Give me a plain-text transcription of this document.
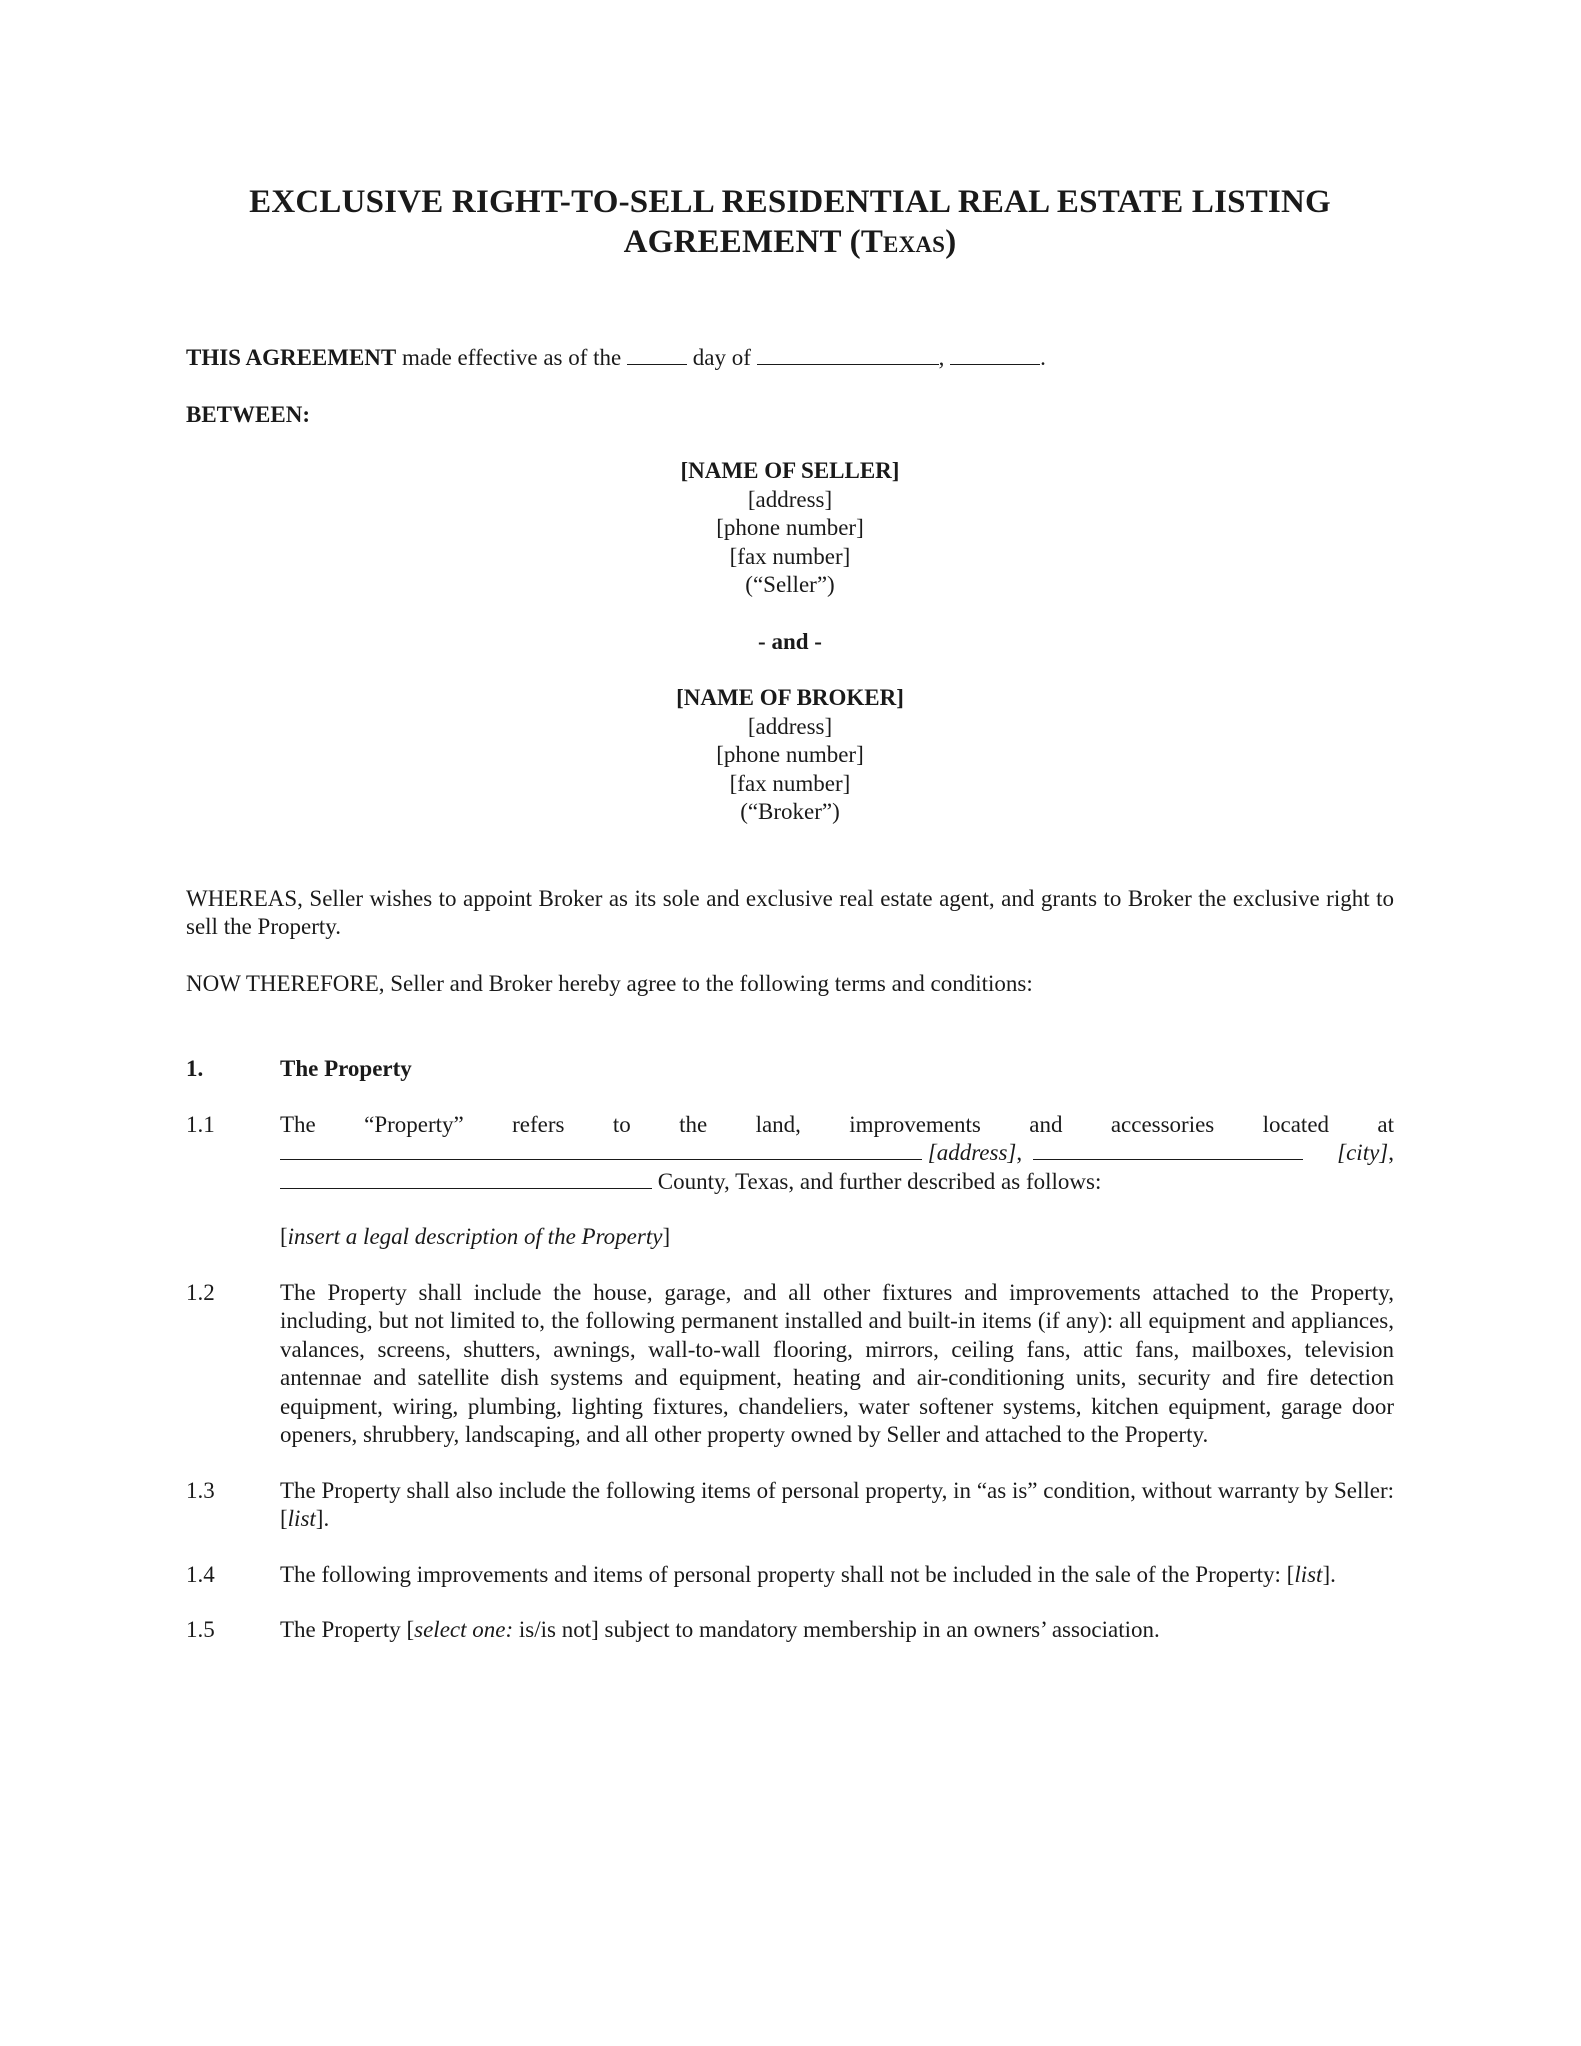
EXCLUSIVE RIGHT-TO-SELL RESIDENTIAL REAL ESTATE LISTING
AGREEMENT (Texas)

THIS AGREEMENT made effective as of the	day of	,	.

BETWEEN:

[NAME OF SELLER]
[address]
[phone number]
[fax number]
(“Seller”)
- and -
[NAME OF BROKER]
[address]
[phone number]
[fax number]
(“Broker”)

WHEREAS, Seller wishes to appoint Broker as its sole and exclusive real estate agent, and grants to Broker the exclusive right to sell the Property.

NOW THEREFORE, Seller and Broker hereby agree to the following terms and conditions:

1.	The Property
1.1	The “Property” refers to the land, improvements and accessories located at
[address],	[city],
County, Texas, and further described as follows:
[insert a legal description of the Property]
1.2	The Property shall include the house, garage, and all other fixtures and improvements attached to the Property, including, but not limited to, the following permanent installed and built-in items (if any): all equipment and appliances, valances, screens, shutters, awnings, wall-to-wall flooring, mirrors, ceiling fans, attic fans, mailboxes, television antennae and satellite dish systems and equipment, heating and air-conditioning units, security and fire detection equipment, wiring, plumbing, lighting fixtures, chandeliers, water softener systems, kitchen equipment, garage door openers, shrubbery, landscaping, and all other property owned by Seller and attached to the Property.
1.3	The Property shall also include the following items of personal property, in “as is” condition, without warranty by Seller: [list].
1.4	The following improvements and items of personal property shall not be included in the sale of the Property: [list].
1.5	The Property [select one: is/is not] subject to mandatory membership in an owners’ association.
